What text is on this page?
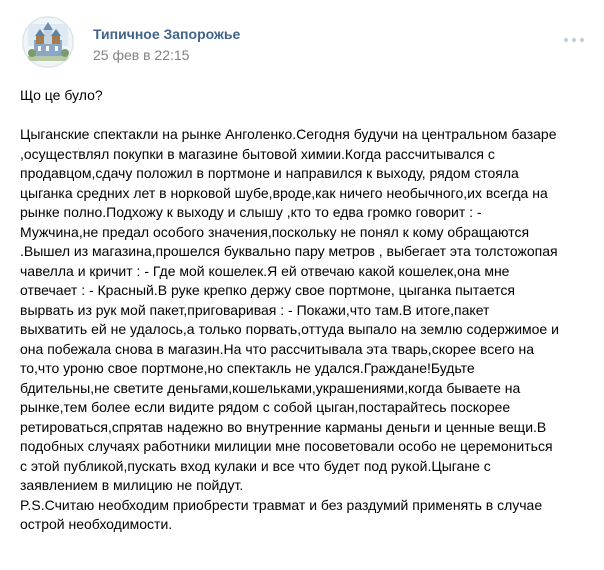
Типичное Запорожье
25 фев в 22:15

Що це було?

Цыганские спектакли на рынке Анголенко.Сегодня будучи на центральном базаре
,осуществлял покупки в магазине бытовой химии.Когда рассчитывался с
продавцом,сдачу положил в портмоне и направился к выходу, рядом стояла
цыганка средних лет в норковой шубе,вроде,как ничего необычного,их всегда на
рынке полно.Подхожу к выходу и слышу ,кто то едва громко говорит : -
Мужчина,не предал особого значения,поскольку не понял к кому обращаются
.Вышел из магазина,прошелся буквально пару метров , выбегает эта толстожопая
чавелла и кричит : - Где мой кошелек.Я ей отвечаю какой кошелек,она мне
отвечает : - Красный.В руке крепко держу свое портмоне, цыганка пытается
вырвать из рук мой пакет,приговаривая : - Покажи,что там.В итоге,пакет
выхватить ей не удалось,а только порвать,оттуда выпало на землю содержимое и
она побежала снова в магазин.На что рассчитывала эта тварь,скорее всего на
то,что уроню свое портмоне,но спектакль не удался.Граждане!Будьте
бдительны,не светите деньгами,кошельками,украшениями,когда бываете на
рынке,тем более если видите рядом с собой цыган,постарайтесь поскорее
ретироваться,спрятав надежно во внутренние карманы деньги и ценные вещи.В
подобных случаях работники милиции мне посоветовали особо не церемониться
с этой публикой,пускать вход кулаки и все что будет под рукой.Цыгане с
заявлением в милицию не пойдут.

P.S.Считаю необходим приобрести травмат и без раздумий применять в случае
острой необходимости.
